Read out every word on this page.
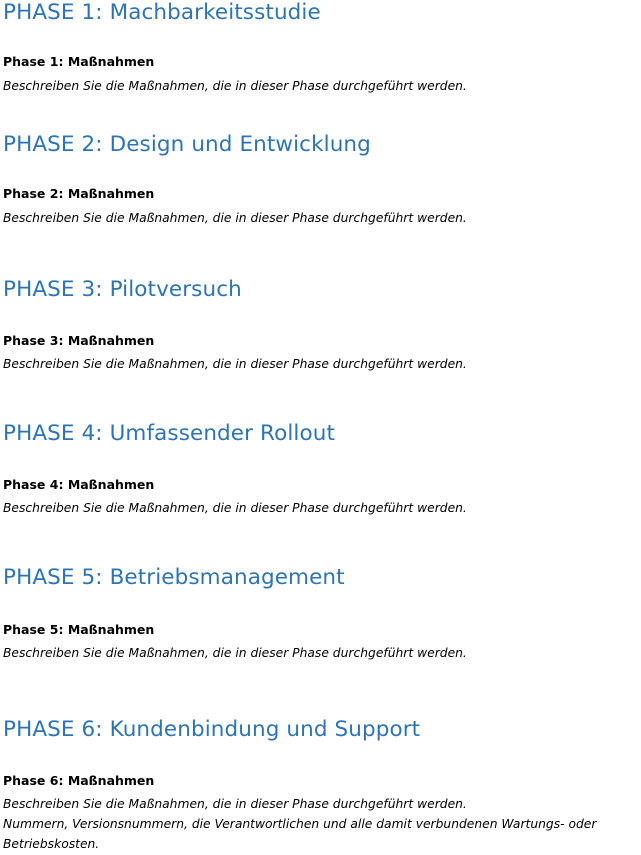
PHASE 1: Machbarkeitsstudie

Phase 1: Maßnahmen

Beschreiben Sie die Maßnahmen, die in dieser Phase durchgeführt werden.

PHASE 2: Design und Entwicklung

Phase 2: Maßnahmen

Beschreiben Sie die Maßnahmen, die in dieser Phase durchgeführt werden.

PHASE 3: Pilotversuch

Phase 3: Maßnahmen

Beschreiben Sie die Maßnahmen, die in dieser Phase durchgeführt werden.

PHASE 4: Umfassender Rollout

Phase 4: Maßnahmen

Beschreiben Sie die Maßnahmen, die in dieser Phase durchgeführt werden.

PHASE 5: Betriebsmanagement

Phase 5: Maßnahmen

Beschreiben Sie die Maßnahmen, die in dieser Phase durchgeführt werden.

PHASE 6: Kundenbindung und Support

Phase 6: Maßnahmen

Beschreiben Sie die Maßnahmen, die in dieser Phase durchgeführt werden.

Nummern, Versionsnummern, die Verantwortlichen und alle damit verbundenen Wartungs- oder

Betriebskosten.
